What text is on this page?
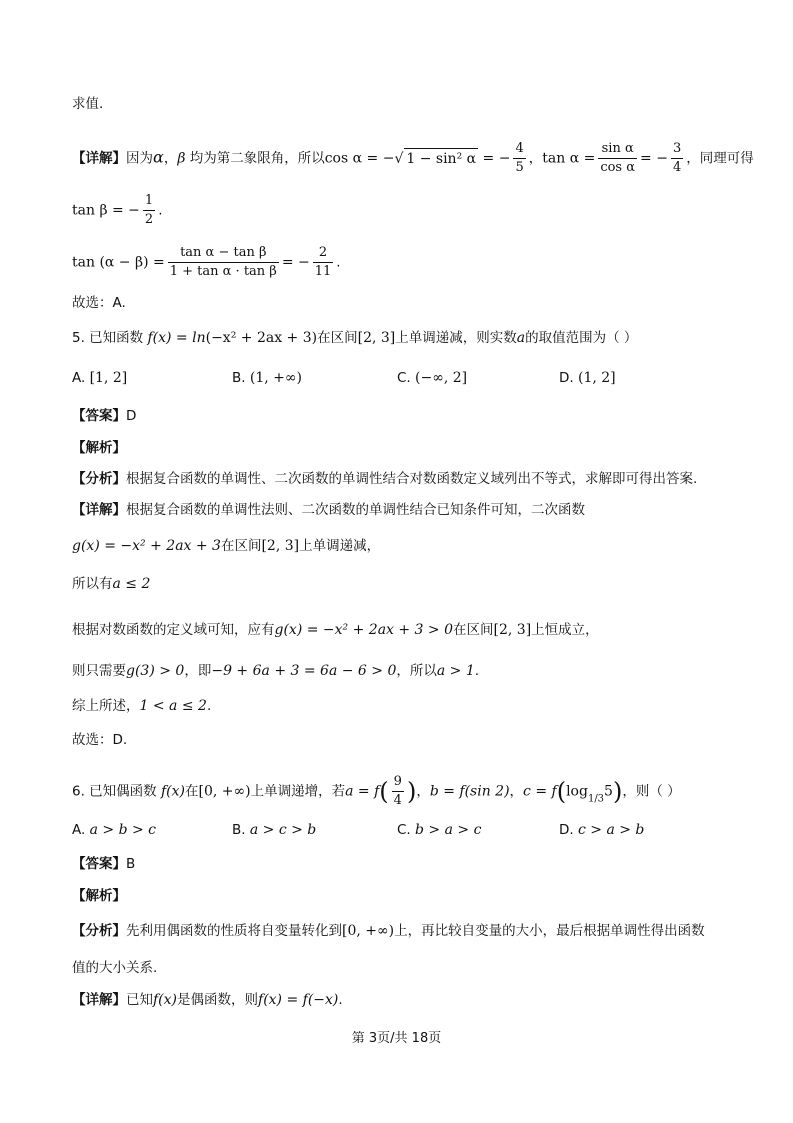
求值.
【详解】因为α，β 均为第二象限角，所以cos α = −√ 1 − sin² α = − $\frac{4}{5}$ ，$\tan \alpha = \frac{\text{sin α}}{\text{cos α}}$ = − $\frac{3}{4}$ ，同理可得
tan β = − $\frac{1}{2}$ .
$\tan (\alpha - \beta) = \frac{\text{tan α − tan β}}{\text{1 + tan α · tan β}}$ = − $\frac{2}{11}$ .
故选：A.
5. 已知函数 f(x) = ln(−x² + 2ax + 3)在区间[2, 3]上单调递减，则实数a的取值范围为（ ）
A. [1, 2]	B. (1, +∞)	C. (−∞, 2]	D. (1, 2]
【答案】D
【解析】
【分析】根据复合函数的单调性、二次函数的单调性结合对数函数定义域列出不等式，求解即可得出答案.
【详解】根据复合函数的单调性法则、二次函数的单调性结合已知条件可知，二次函数
g(x) = −x² + 2ax + 3在区间[2, 3]上单调递减，
所以有a ≤ 2
根据对数函数的定义域可知，应有g(x) = −x² + 2ax + 3 > 0在区间[2, 3]上恒成立，
则只需要g(3) > 0，即−9 + 6a + 3 = 6a − 6 > 0，所以a > 1.
综上所述，1 < a ≤ 2.
故选：D.
6. 已知偶函数 f(x)在[0, +∞)上单调递增，若$a = f( \frac{9}{4}$ )，b = f(sin 2)，$c = f(\log_{1/3}5)$，则（ ）
A. a > b > c	B. a > c > b	C. b > a > c	D. c > a > b
【答案】B
【解析】
【分析】先利用偶函数的性质将自变量转化到[0, +∞)上，再比较自变量的大小，最后根据单调性得出函数
值的大小关系.
【详解】已知f(x)是偶函数，则f(x) = f(−x).
第 3页/共 18页
